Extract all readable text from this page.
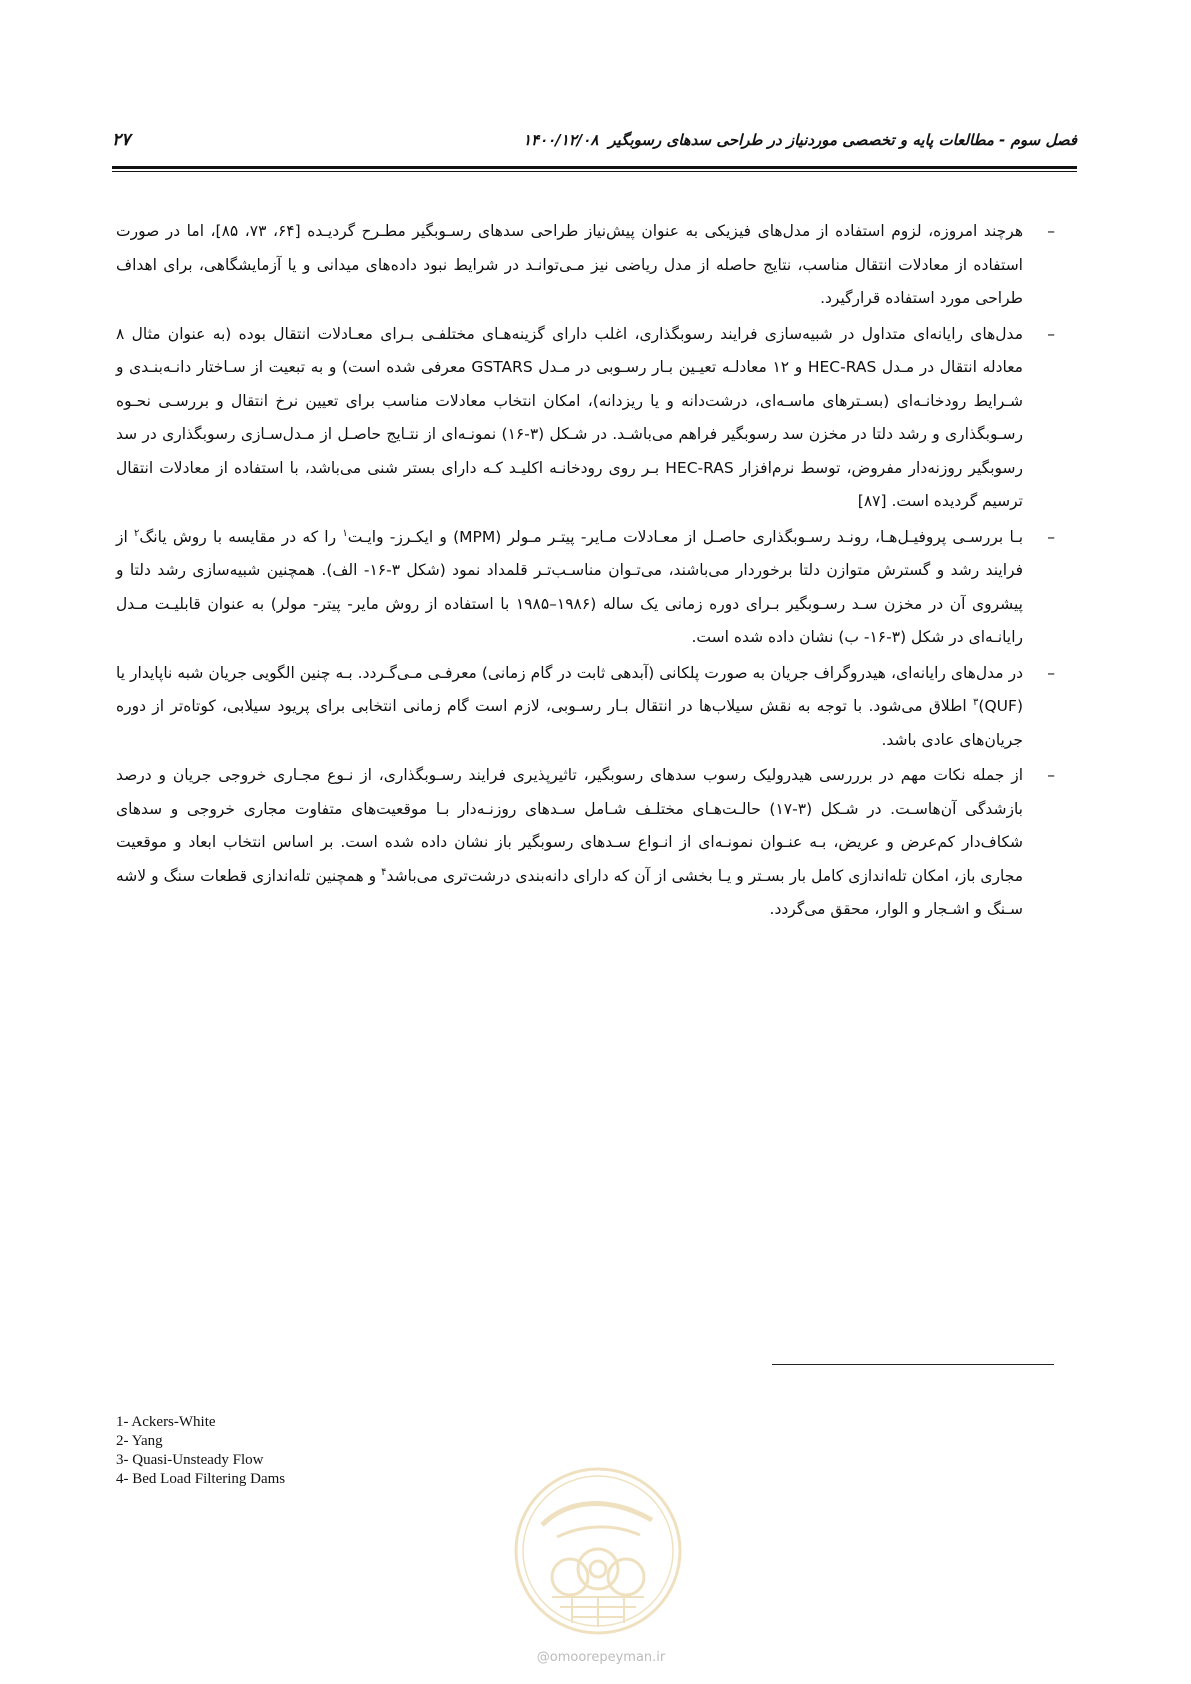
فصل سوم - مطالعات پایه و تخصصی موردنیاز در طراحی سدهای رسوبگیر۱۴۰۰/۱۲/۰۸
۲۷

–
هرچند امروزه، لزوم استفاده از مدل‌های فیزیکی به عنوان پیش‌نیاز طراحی سدهای رسـوبگیر مطـرح گردیـده [۶۴، ۷۳، ۸۵]، اما در صورت استفاده از معادلات انتقال مناسب، نتایج حاصله از مدل ریاضی نیز مـی‌توانـد در شرایط نبود داده‌های میدانی و یا آزمایشگاهی، برای اهداف طراحی مورد استفاده قرارگیرد.

–
مدل‌های رایانه‌ای متداول در شبیه‌سازی فرایند رسوبگذاری، اغلب دارای گزینه‌هـای مختلفـی بـرای معـادلات انتقال بوده (به عنوان مثال ۸ معادله انتقال در مـدل HEC-RAS و ۱۲ معادلـه تعیـین بـار رسـوبی در مـدل GSTARS معرفی شده است) و به تبعیت از سـاختار دانـه‌بنـدی و شـرایط رودخانـه‌ای (بسـترهای ماسـه‌ای، درشت‌دانه و یا ریزدانه)، امکان انتخاب معادلات مناسب برای تعیین نرخ انتقال و بررسـی نحـوه رسـوبگذاری و رشد دلتا در مخزن سد رسوبگیر فراهم می‌باشـد. در شـکل (۳-۱۶) نمونـه‌ای از نتـایج حاصـل از مـدل‌سـازی رسوبگذاری در سد رسوبگیر روزنه‌دار مفروض، توسط نرم‌افزار HEC-RAS بـر روی رودخانـه اکلیـد کـه دارای بستر شنی می‌باشد، با استفاده از معادلات انتقال ترسیم گردیده است. [۸۷]

–
بـا بررسـی پروفیـل‌هـا، رونـد رسـوبگذاری حاصـل از معـادلات مـایر- پیتـر مـولر (MPM) و ایکـرز- وایـت$^۱$ را که در مقایسه با روش یانگ$^۲$ از فرایند رشد و گسترش متوازن دلتا برخوردار می‌باشند، می‌تـوان مناسـب‌تـر قلمداد نمود (شکل ۳-۱۶- الف). همچنین شبیه‌سازی رشد دلتا و پیشروی آن در مخزن سـد رسـوبگیر بـرای دوره زمانی یک ساله (۱۹۸۶–۱۹۸۵ با استفاده از روش مایر- پیتر- مولر) به عنوان قابلیـت مـدل رایانـه‌ای در شکل (۳-۱۶- ب) نشان داده شده است.

–
در مدل‌های رایانه‌ای، هیدروگراف جریان به صورت پلکانی (آبدهی ثابت در گام زمانی) معرفـی مـی‌گـردد. بـه چنین الگویی جریان شبه ناپایدار یا (QUF)$^۳$ اطلاق می‌شود. با توجه به نقش سیلاب‌ها در انتقال بـار رسـوبی، لازم است گام زمانی انتخابی برای پریود سیلابی، کوتاه‌تر از دوره جریان‌های عادی باشد.

–
از جمله نکات مهم در برررسی هیدرولیک رسوب سدهای رسوبگیر، تاثیرپذیری فرایند رسـوبگذاری، از نـوع مجـاری خروجی جریان و درصد بازشدگی آن‌هاسـت. در شـکل (۳-۱۷) حالـت‌هـای مختلـف شـامل سـدهای روزنـه‌دار بـا موقعیت‌های متفاوت مجاری خروجی و سدهای شکاف‌دار کم‌عرض و عریض، بـه عنـوان نمونـه‌ای از انـواع سـدهای رسوبگیر باز نشان داده شده است. بر اساس انتخاب ابعاد و موقعیت مجاری باز، امکان تله‌اندازی کامل بار بسـتر و یـا بخشی از آن که دارای دانه‌بندی درشت‌تری می‌باشد$^۴$ و همچنین تله‌اندازی قطعات سنگ و لاشه سـنگ و اشـجار و الوار، محقق می‌گردد.

1- Ackers-White
2- Yang
3- Quasi-Unsteady Flow
4- Bed Load Filtering Dams
@omoorepeyman.ir
